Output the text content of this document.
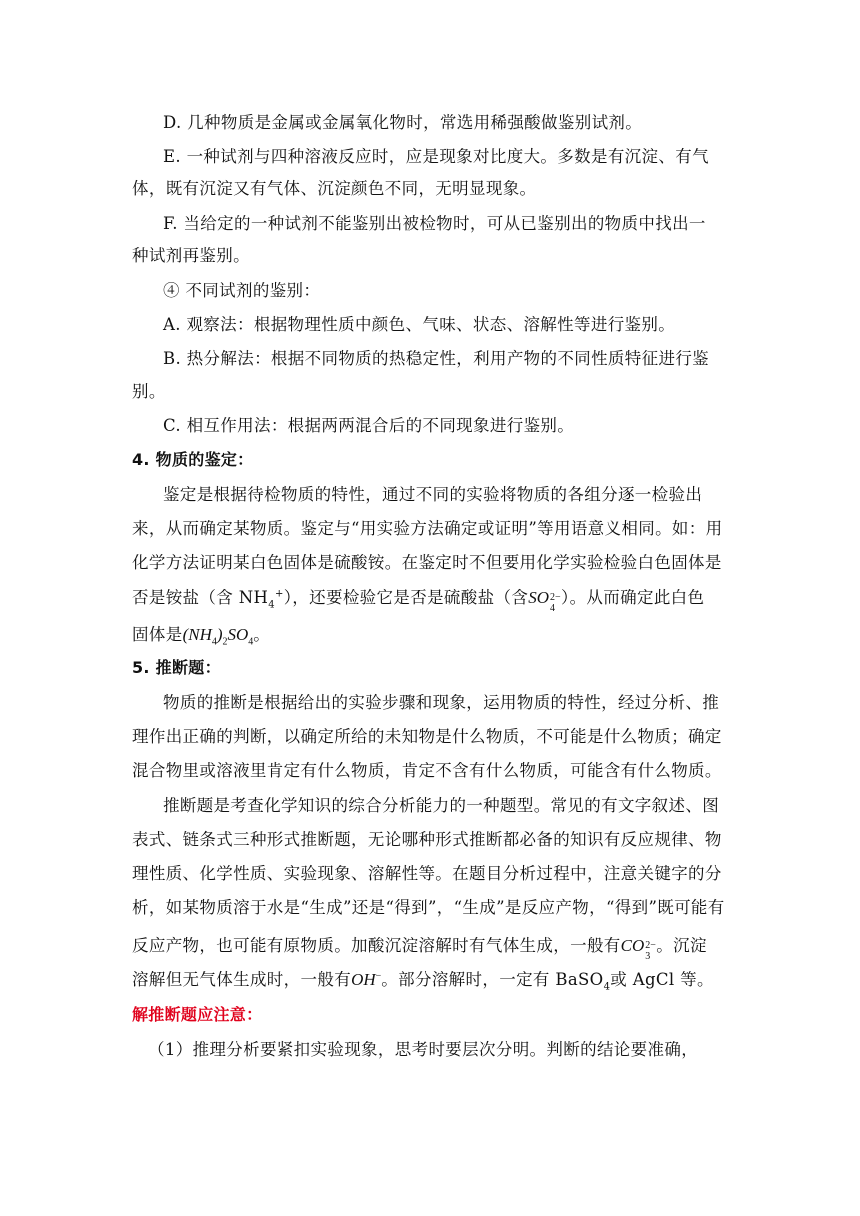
D. 几种物质是金属或金属氧化物时，常选用稀强酸做鉴别试剂。
E. 一种试剂与四种溶液反应时，应是现象对比度大。多数是有沉淀、有气
体，既有沉淀又有气体、沉淀颜色不同，无明显现象。
F. 当给定的一种试剂不能鉴别出被检物时，可从已鉴别出的物质中找出一
种试剂再鉴别。
④ 不同试剂的鉴别：
A. 观察法：根据物理性质中颜色、气味、状态、溶解性等进行鉴别。
B. 热分解法：根据不同物质的热稳定性，利用产物的不同性质特征进行鉴
别。
C. 相互作用法：根据两两混合后的不同现象进行鉴别。
4. 物质的鉴定：
鉴定是根据待检物质的特性，通过不同的实验将物质的各组分逐一检验出
来，从而确定某物质。鉴定与“用实验方法确定或证明”等用语意义相同。如：用
化学方法证明某白色固体是硫酸铵。在鉴定时不但要用化学实验检验白色固体是
否是铵盐（含 $NH_4^+$），还要检验它是否是硫酸盐（含SO 2−
4
）。从而确定此白色
固体是$(NH_4)_2SO_4$。
5. 推断题：
物质的推断是根据给出的实验步骤和现象，运用物质的特性，经过分析、推
理作出正确的判断，以确定所给的未知物是什么物质，不可能是什么物质；确定
混合物里或溶液里肯定有什么物质，肯定不含有什么物质，可能含有什么物质。
推断题是考查化学知识的综合分析能力的一种题型。常见的有文字叙述、图
表式、链条式三种形式推断题，无论哪种形式推断都必备的知识有反应规律、物
理性质、化学性质、实验现象、溶解性等。在题目分析过程中，注意关键字的分
析，如某物质溶于水是“生成”还是“得到”，“生成”是反应产物，“得到”既可能有
反应产物，也可能有原物质。加酸沉淀溶解时有气体生成，一般有CO 2−
3
。沉淀
溶解但无气体生成时，一般有OH−。部分溶解时，一定有 BaSO$_4$或 AgCl 等。
解推断题应注意：
（1）推理分析要紧扣实验现象，思考时要层次分明。判断的结论要准确，
